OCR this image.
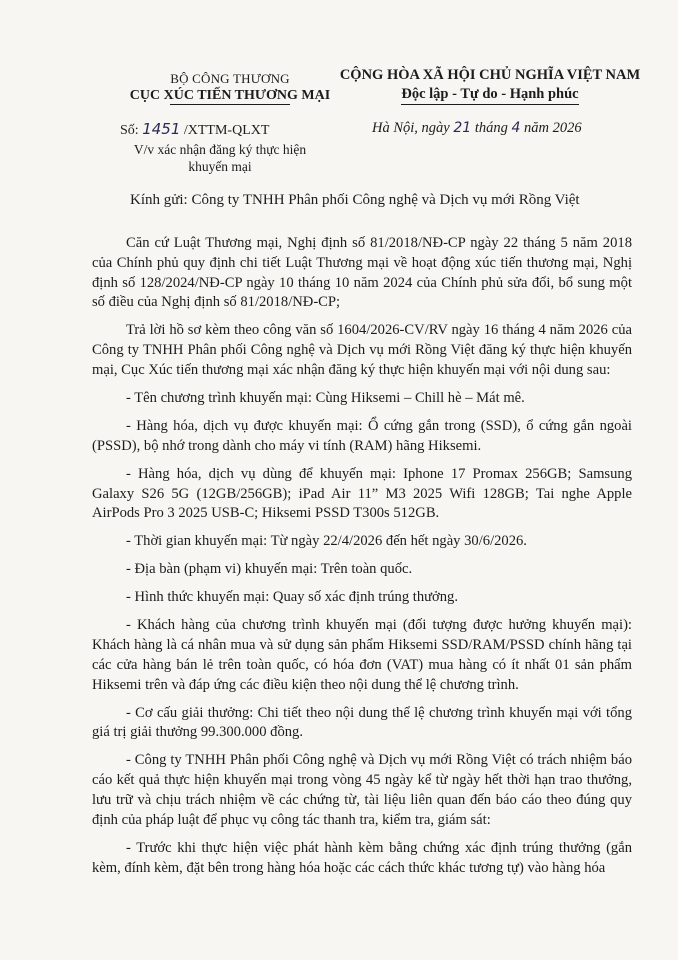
BỘ CÔNG THƯƠNG
CỤC XÚC TIẾN THƯƠNG MẠI
CỘNG HÒA XÃ HỘI CHỦ NGHĨA VIỆT NAM
Độc lập - Tự do - Hạnh phúc
Số: 1451 /XTTM-QLXT
V/v xác nhận đăng ký thực hiện
khuyến mại
Hà Nội, ngày 21 tháng 4 năm 2026
Kính gửi: Công ty TNHH Phân phối Công nghệ và Dịch vụ mới Rồng Việt

Căn cứ Luật Thương mại, Nghị định số 81/2018/NĐ-CP ngày 22 tháng 5 năm 2018 của Chính phủ quy định chi tiết Luật Thương mại về hoạt động xúc tiến thương mại, Nghị định số 128/2024/NĐ-CP ngày 10 tháng 10 năm 2024 của Chính phủ sửa đổi, bổ sung một số điều của Nghị định số 81/2018/NĐ-CP;

Trả lời hồ sơ kèm theo công văn số 1604/2026-CV/RV ngày 16 tháng 4 năm 2026 của Công ty TNHH Phân phối Công nghệ và Dịch vụ mới Rồng Việt đăng ký thực hiện khuyến mại, Cục Xúc tiến thương mại xác nhận đăng ký thực hiện khuyến mại với nội dung sau:

- Tên chương trình khuyến mại: Cùng Hiksemi – Chill hè – Mát mê.

- Hàng hóa, dịch vụ được khuyến mại: Ổ cứng gắn trong (SSD), ổ cứng gắn ngoài (PSSD), bộ nhớ trong dành cho máy vi tính (RAM) hãng Hiksemi.

- Hàng hóa, dịch vụ dùng để khuyến mại: Iphone 17 Promax 256GB; Samsung Galaxy S26 5G (12GB/256GB); iPad Air 11” M3 2025 Wifi 128GB; Tai nghe Apple AirPods Pro 3 2025 USB-C; Hiksemi PSSD T300s 512GB.

- Thời gian khuyến mại: Từ ngày 22/4/2026 đến hết ngày 30/6/2026.

- Địa bàn (phạm vi) khuyến mại: Trên toàn quốc.

- Hình thức khuyến mại: Quay số xác định trúng thưởng.

- Khách hàng của chương trình khuyến mại (đối tượng được hưởng khuyến mại): Khách hàng là cá nhân mua và sử dụng sản phẩm Hiksemi SSD/RAM/PSSD chính hãng tại các cửa hàng bán lẻ trên toàn quốc, có hóa đơn (VAT) mua hàng có ít nhất 01 sản phẩm Hiksemi trên và đáp ứng các điều kiện theo nội dung thể lệ chương trình.

- Cơ cấu giải thưởng: Chi tiết theo nội dung thể lệ chương trình khuyến mại với tổng giá trị giải thưởng 99.300.000 đồng.

- Công ty TNHH Phân phối Công nghệ và Dịch vụ mới Rồng Việt có trách nhiệm báo cáo kết quả thực hiện khuyến mại trong vòng 45 ngày kể từ ngày hết thời hạn trao thưởng, lưu trữ và chịu trách nhiệm về các chứng từ, tài liệu liên quan đến báo cáo theo đúng quy định của pháp luật để phục vụ công tác thanh tra, kiểm tra, giám sát:

- Trước khi thực hiện việc phát hành kèm bằng chứng xác định trúng thưởng (gắn kèm, đính kèm, đặt bên trong hàng hóa hoặc các cách thức khác tương tự) vào hàng hóa
